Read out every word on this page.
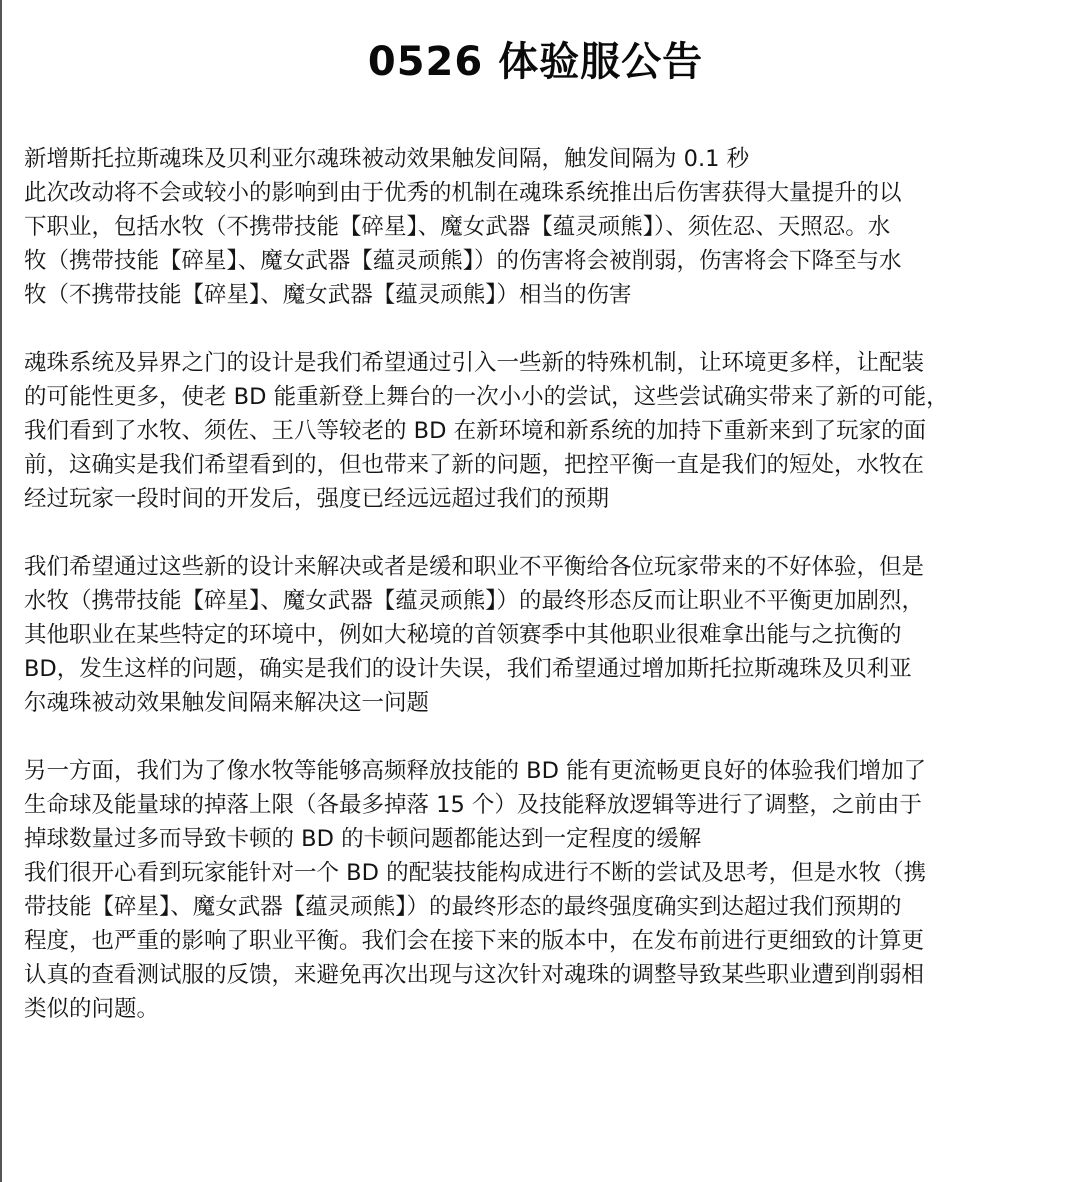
0526 体验服公告
新增斯托拉斯魂珠及贝利亚尔魂珠被动效果触发间隔，触发间隔为 0.1 秒
此次改动将不会或较小的影响到由于优秀的机制在魂珠系统推出后伤害获得大量提升的以
下职业，包括水牧（不携带技能【碎星】、魔女武器【蕴灵顽熊】）、须佐忍、天照忍。水
牧（携带技能【碎星】、魔女武器【蕴灵顽熊】）的伤害将会被削弱，伤害将会下降至与水
牧（不携带技能【碎星】、魔女武器【蕴灵顽熊】）相当的伤害
魂珠系统及异界之门的设计是我们希望通过引入一些新的特殊机制，让环境更多样，让配装
的可能性更多，使老 BD 能重新登上舞台的一次小小的尝试，这些尝试确实带来了新的可能，
我们看到了水牧、须佐、王八等较老的 BD 在新环境和新系统的加持下重新来到了玩家的面
前，这确实是我们希望看到的，但也带来了新的问题，把控平衡一直是我们的短处，水牧在
经过玩家一段时间的开发后，强度已经远远超过我们的预期
我们希望通过这些新的设计来解决或者是缓和职业不平衡给各位玩家带来的不好体验，但是
水牧（携带技能【碎星】、魔女武器【蕴灵顽熊】）的最终形态反而让职业不平衡更加剧烈，
其他职业在某些特定的环境中，例如大秘境的首领赛季中其他职业很难拿出能与之抗衡的
BD，发生这样的问题，确实是我们的设计失误，我们希望通过增加斯托拉斯魂珠及贝利亚
尔魂珠被动效果触发间隔来解决这一问题
另一方面，我们为了像水牧等能够高频释放技能的 BD 能有更流畅更良好的体验我们增加了
生命球及能量球的掉落上限（各最多掉落 15 个）及技能释放逻辑等进行了调整，之前由于
掉球数量过多而导致卡顿的 BD 的卡顿问题都能达到一定程度的缓解
我们很开心看到玩家能针对一个 BD 的配装技能构成进行不断的尝试及思考，但是水牧（携
带技能【碎星】、魔女武器【蕴灵顽熊】）的最终形态的最终强度确实到达超过我们预期的
程度，也严重的影响了职业平衡。我们会在接下来的版本中，在发布前进行更细致的计算更
认真的查看测试服的反馈，来避免再次出现与这次针对魂珠的调整导致某些职业遭到削弱相
类似的问题。
